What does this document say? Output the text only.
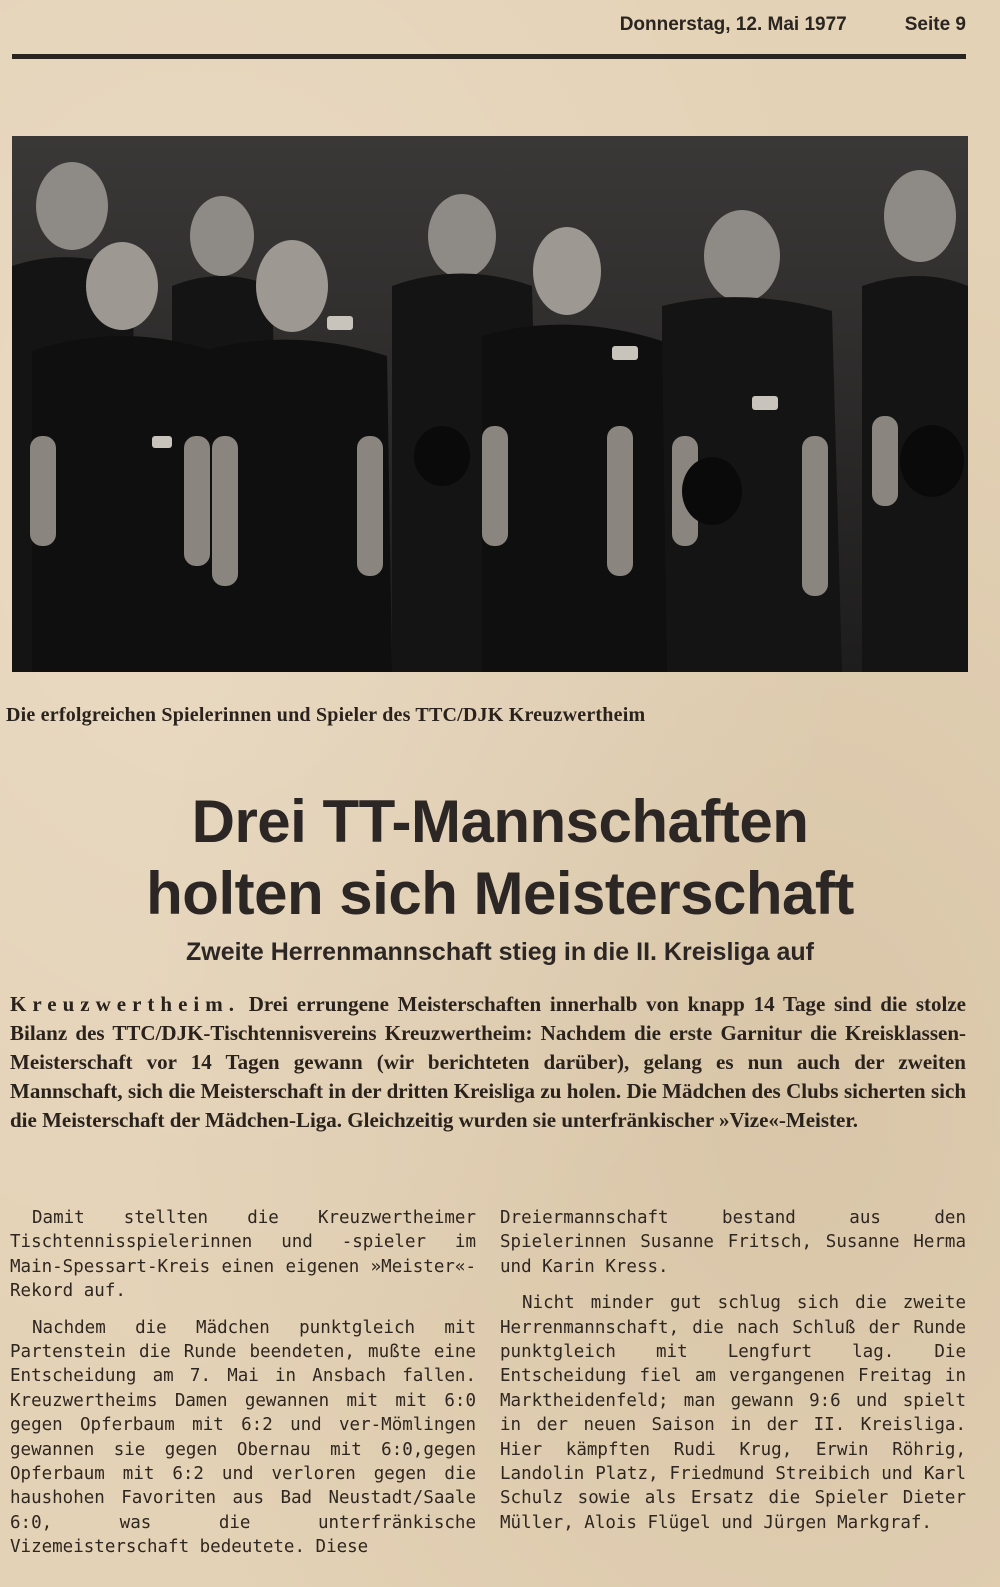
Donnerstag, 12. Mai 1977	Seite 9
Die erfolgreichen Spielerinnen und Spieler des TTC/DJK Kreuzwertheim
Drei TT-Mannschaften
holten sich Meisterschaft
Zweite Herrenmannschaft stieg in die II. Kreisliga auf
Kreuzwertheim. Drei errungene Meisterschaften innerhalb von knapp 14 Tage sind die stolze Bilanz des TTC/DJK-Tischtennisvereins Kreuzwertheim: Nachdem die erste Garnitur die Kreisklassen-Meisterschaft vor 14 Tagen gewann (wir berichteten darüber), gelang es nun auch der zweiten Mannschaft, sich die Meisterschaft in der dritten Kreisliga zu holen. Die Mädchen des Clubs sicherten sich die Meisterschaft der Mädchen-Liga. Gleichzeitig wurden sie unterfränkischer »Vize«-Meister.

Damit stellten die Kreuzwertheimer Tischtennisspielerinnen und -spieler im Main-Spessart-Kreis einen eigenen »Meister«- Rekord auf.

Nachdem die Mädchen punktgleich mit Partenstein die Runde beendeten, mußte eine Entscheidung am 7. Mai in Ansbach fallen. Kreuzwertheims Damen gewannen mit mit 6:0 gegen Opferbaum mit 6:2 und ver-Mömlingen gewannen sie gegen Obernau mit 6:0,gegen Opferbaum mit 6:2 und verloren gegen die haushohen Favoriten aus Bad Neustadt/Saale 6:0, was die unterfränkische Vizemeisterschaft bedeutete. Diese

Dreiermannschaft bestand aus den Spielerinnen Susanne Fritsch, Susanne Herma und Karin Kress.

Nicht minder gut schlug sich die zweite Herrenmannschaft, die nach Schluß der Runde punktgleich mit Lengfurt lag. Die Entscheidung fiel am vergangenen Freitag in Marktheidenfeld; man gewann 9:6 und spielt in der neuen Saison in der II. Kreisliga. Hier kämpften Rudi Krug, Erwin Röhrig, Landolin Platz, Friedmund Streibich und Karl Schulz sowie als Ersatz die Spieler Dieter Müller, Alois Flügel und Jürgen Markgraf.
